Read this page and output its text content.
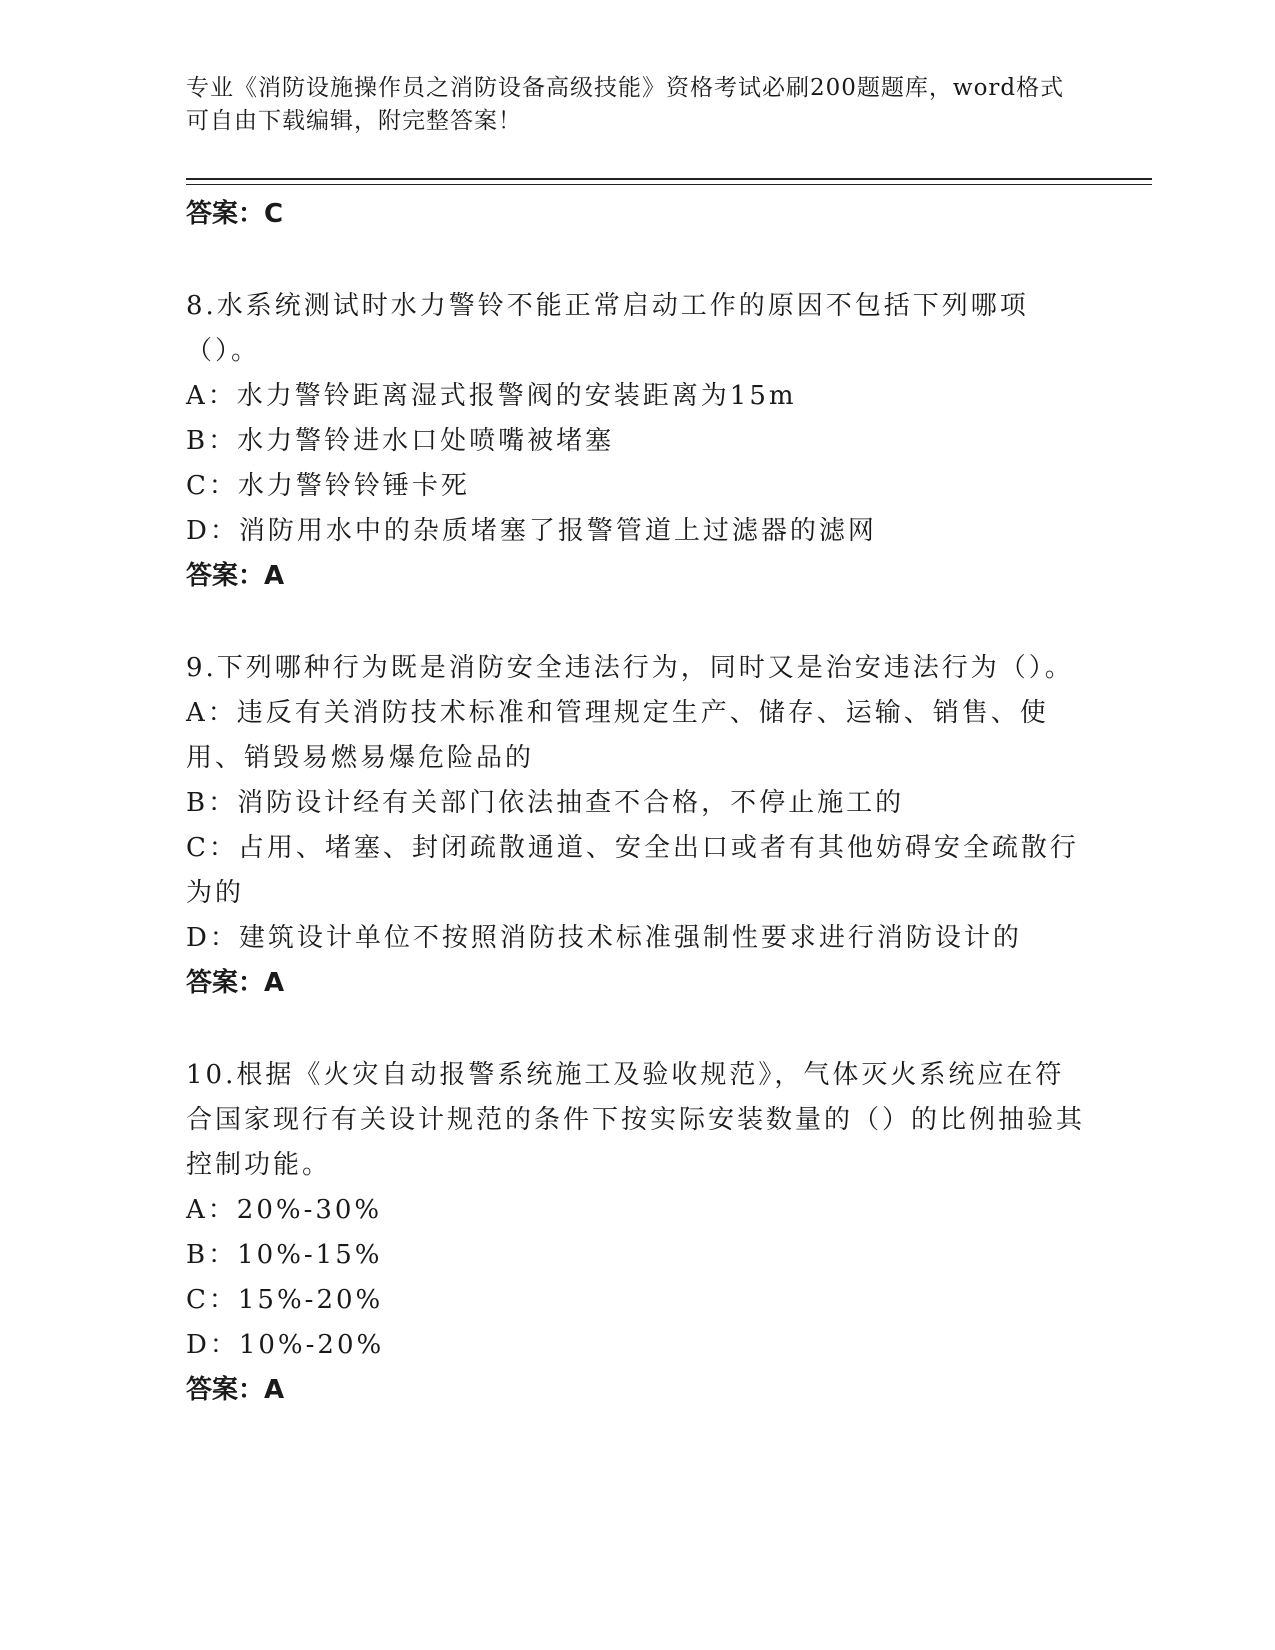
专业《消防设施操作员之消防设备高级技能》资格考试必刷200题题库，word格式可自由下载编辑，附完整答案！
答案：C
8.水系统测试时水力警铃不能正常启动工作的原因不包括下列哪项（）。
A：水力警铃距离湿式报警阀的安装距离为15m
B：水力警铃进水口处喷嘴被堵塞
C：水力警铃铃锤卡死
D：消防用水中的杂质堵塞了报警管道上过滤器的滤网
答案：A
9.下列哪种行为既是消防安全违法行为，同时又是治安违法行为（）。
A：违反有关消防技术标准和管理规定生产、储存、运输、销售、使用、销毁易燃易爆危险品的
B：消防设计经有关部门依法抽查不合格，不停止施工的
C：占用、堵塞、封闭疏散通道、安全出口或者有其他妨碍安全疏散行为的
D：建筑设计单位不按照消防技术标准强制性要求进行消防设计的
答案：A
10.根据《火灾自动报警系统施工及验收规范》，气体灭火系统应在符合国家现行有关设计规范的条件下按实际安装数量的（）的比例抽验其控制功能。
A：20%-30%
B：10%-15%
C：15%-20%
D：10%-20%
答案：A
